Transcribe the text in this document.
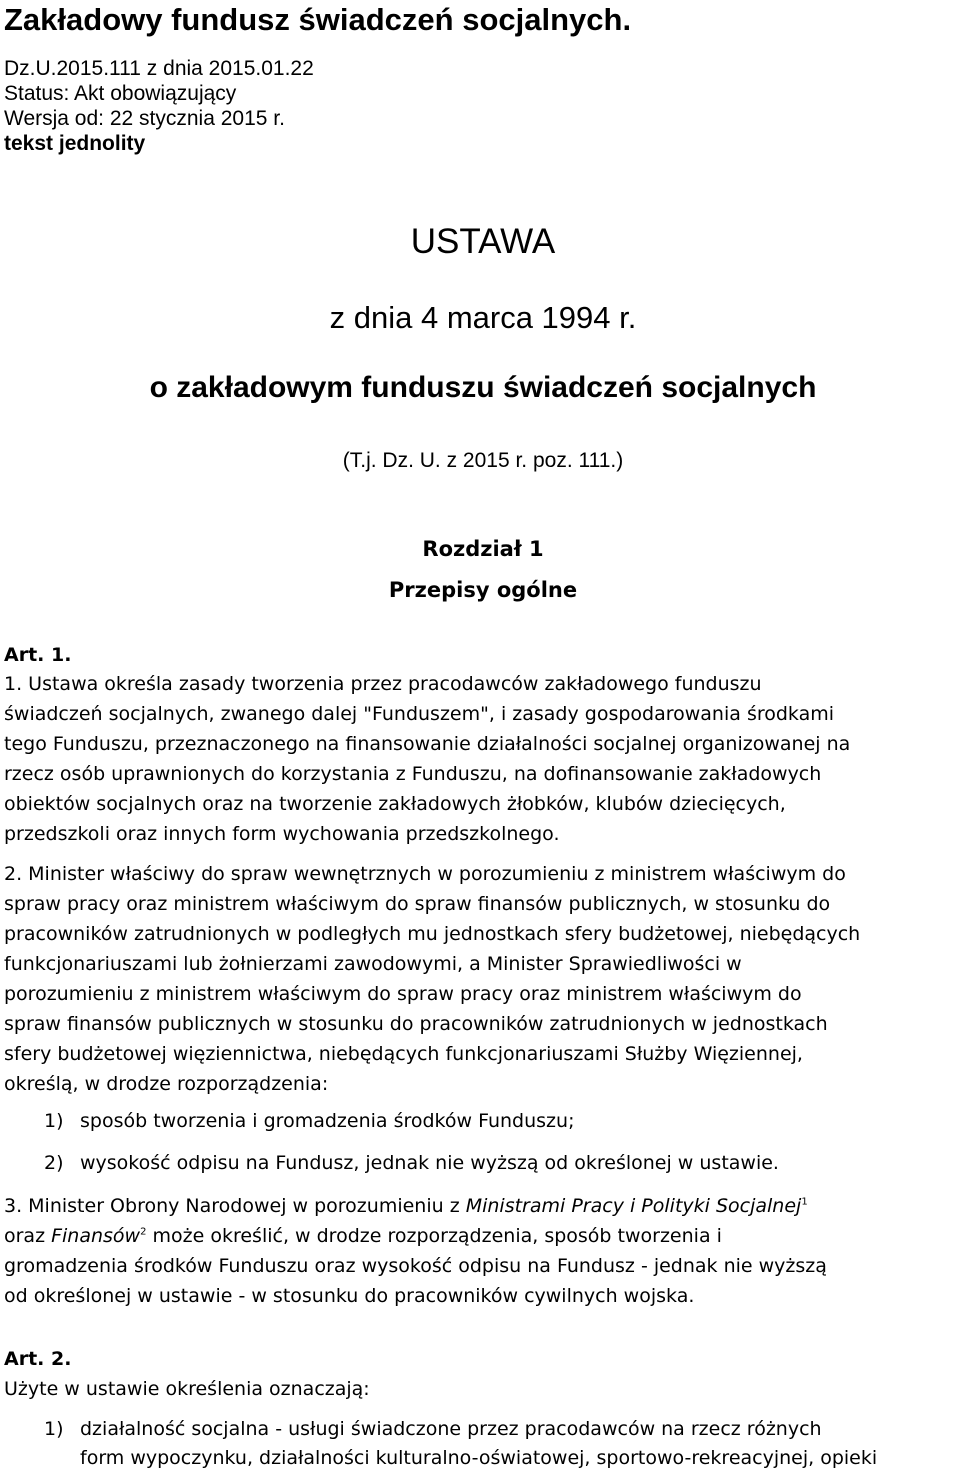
Zakładowy fundusz świadczeń socjalnych.
Dz.U.2015.111 z dnia 2015.01.22
Status: Akt obowiązujący
Wersja od: 22 stycznia 2015 r.
tekst jednolity
USTAWA
z dnia 4 marca 1994 r.
o zakładowym funduszu świadczeń socjalnych
(T.j. Dz. U. z 2015 r. poz. 111.)
Rozdział 1
Przepisy ogólne
Art. 1.
1. Ustawa określa zasady tworzenia przez pracodawców zakładowego funduszu
świadczeń socjalnych, zwanego dalej "Funduszem", i zasady gospodarowania środkami
tego Funduszu, przeznaczonego na finansowanie działalności socjalnej organizowanej na
rzecz osób uprawnionych do korzystania z Funduszu, na dofinansowanie zakładowych
obiektów socjalnych oraz na tworzenie zakładowych żłobków, klubów dziecięcych,
przedszkoli oraz innych form wychowania przedszkolnego.
2. Minister właściwy do spraw wewnętrznych w porozumieniu z ministrem właściwym do
spraw pracy oraz ministrem właściwym do spraw finansów publicznych, w stosunku do
pracowników zatrudnionych w podległych mu jednostkach sfery budżetowej, niebędących
funkcjonariuszami lub żołnierzami zawodowymi, a Minister Sprawiedliwości w
porozumieniu z ministrem właściwym do spraw pracy oraz ministrem właściwym do
spraw finansów publicznych w stosunku do pracowników zatrudnionych w jednostkach
sfery budżetowej więziennictwa, niebędących funkcjonariuszami Służby Więziennej,
określą, w drodze rozporządzenia:
1) sposób tworzenia i gromadzenia środków Funduszu;
2) wysokość odpisu na Fundusz, jednak nie wyższą od określonej w ustawie.
3. Minister Obrony Narodowej w porozumieniu z Ministrami Pracy i Polityki Socjalnej$^1$
oraz Finansów$^2$ może określić, w drodze rozporządzenia, sposób tworzenia i
gromadzenia środków Funduszu oraz wysokość odpisu na Fundusz - jednak nie wyższą
od określonej w ustawie - w stosunku do pracowników cywilnych wojska.
Art. 2.
Użyte w ustawie określenia oznaczają:
1) działalność socjalna - usługi świadczone przez pracodawców na rzecz różnych
form wypoczynku, działalności kulturalno-oświatowej, sportowo-rekreacyjnej, opieki
